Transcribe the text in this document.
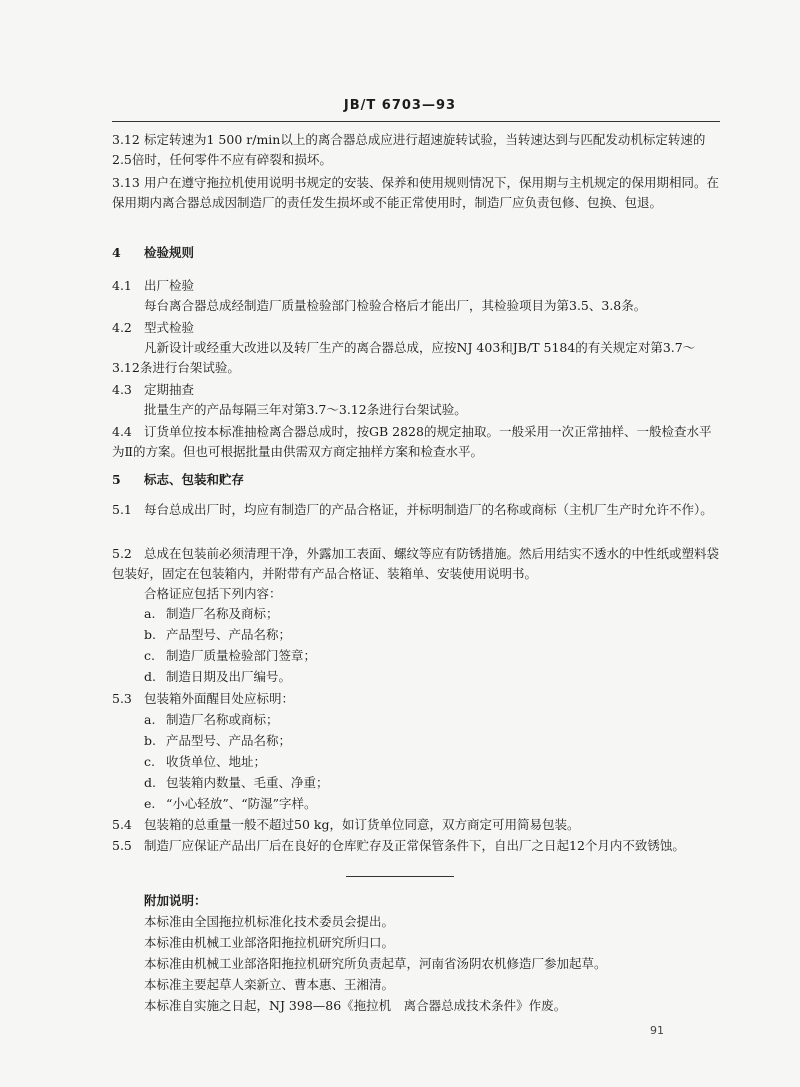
JB/T 6703—93
3.12 标定转速为1 500 r/min以上的离合器总成应进行超速旋转试验，当转速达到与匹配发动机标定转速的2.5倍时，任何零件不应有碎裂和损坏。
3.13 用户在遵守拖拉机使用说明书规定的安装、保养和使用规则情况下，保用期与主机规定的保用期相同。在保用期内离合器总成因制造厂的责任发生损坏或不能正常使用时，制造厂应负责包修、包换、包退。
4 检验规则
4.1 出厂检验
每台离合器总成经制造厂质量检验部门检验合格后才能出厂，其检验项目为第3.5、3.8条。
4.2 型式检验
凡新设计或经重大改进以及转厂生产的离合器总成，应按NJ 403和JB/T 5184的有关规定对第3.7～3.12条进行台架试验。
4.3 定期抽查
批量生产的产品每隔三年对第3.7～3.12条进行台架试验。
4.4 订货单位按本标准抽检离合器总成时，按GB 2828的规定抽取。一般采用一次正常抽样、一般检查水平为Ⅱ的方案。但也可根据批量由供需双方商定抽样方案和检查水平。
5 标志、包装和贮存
5.1 每台总成出厂时，均应有制造厂的产品合格证，并标明制造厂的名称或商标（主机厂生产时允许不作）。
5.2 总成在包装前必须清理干净，外露加工表面、螺纹等应有防锈措施。然后用结实不透水的中性纸或塑料袋包装好，固定在包装箱内，并附带有产品合格证、装箱单、安装使用说明书。
合格证应包括下列内容：
a. 制造厂名称及商标；
b. 产品型号、产品名称；
c. 制造厂质量检验部门签章；
d. 制造日期及出厂编号。
5.3 包装箱外面醒目处应标明：
a. 制造厂名称或商标；
b. 产品型号、产品名称；
c. 收货单位、地址；
d. 包装箱内数量、毛重、净重；
e. “小心轻放”、“防湿”字样。
5.4 包装箱的总重量一般不超过50 kg，如订货单位同意，双方商定可用简易包装。
5.5 制造厂应保证产品出厂后在良好的仓库贮存及正常保管条件下，自出厂之日起12个月内不致锈蚀。
附加说明：
本标准由全国拖拉机标准化技术委员会提出。
本标准由机械工业部洛阳拖拉机研究所归口。
本标准由机械工业部洛阳拖拉机研究所负责起草，河南省汤阴农机修造厂参加起草。
本标准主要起草人栾新立、曹本惠、王湘清。
本标准自实施之日起，NJ 398—86《拖拉机　离合器总成技术条件》作废。
91
